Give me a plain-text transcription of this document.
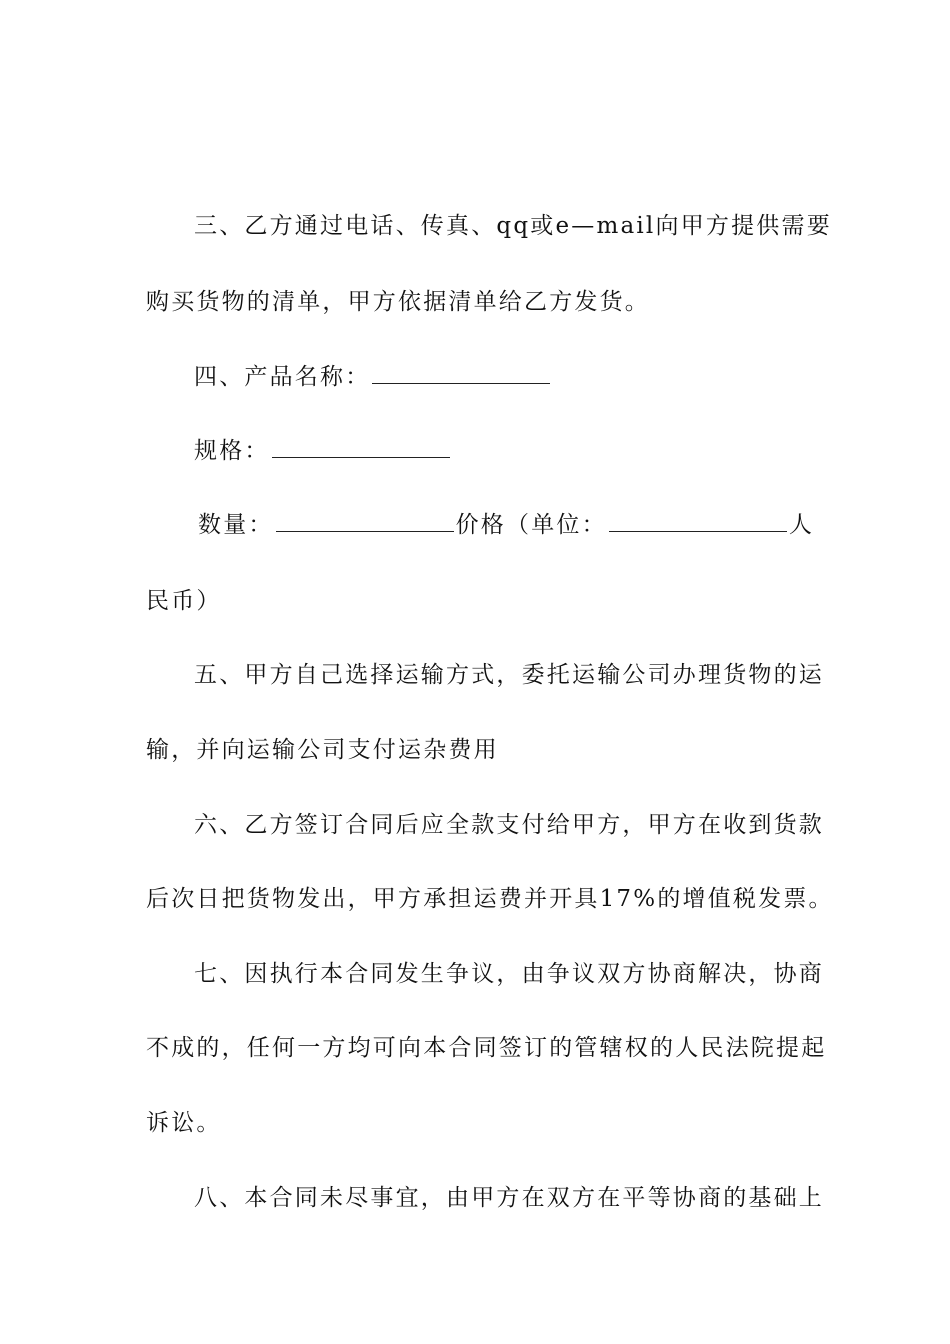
三、乙方通过电话、传真、qq或e—mail向甲方提供需要
购买货物的清单，甲方依据清单给乙方发货。
四、产品名称：
规格：
数量：	价格（单位：	人
民币）
五、甲方自己选择运输方式，委托运输公司办理货物的运
输，并向运输公司支付运杂费用
六、乙方签订合同后应全款支付给甲方，甲方在收到货款
后次日把货物发出，甲方承担运费并开具17%的增值税发票。
七、因执行本合同发生争议，由争议双方协商解决，协商
不成的，任何一方均可向本合同签订的管辖权的人民法院提起
诉讼。
八、本合同未尽事宜，由甲方在双方在平等协商的基础上
